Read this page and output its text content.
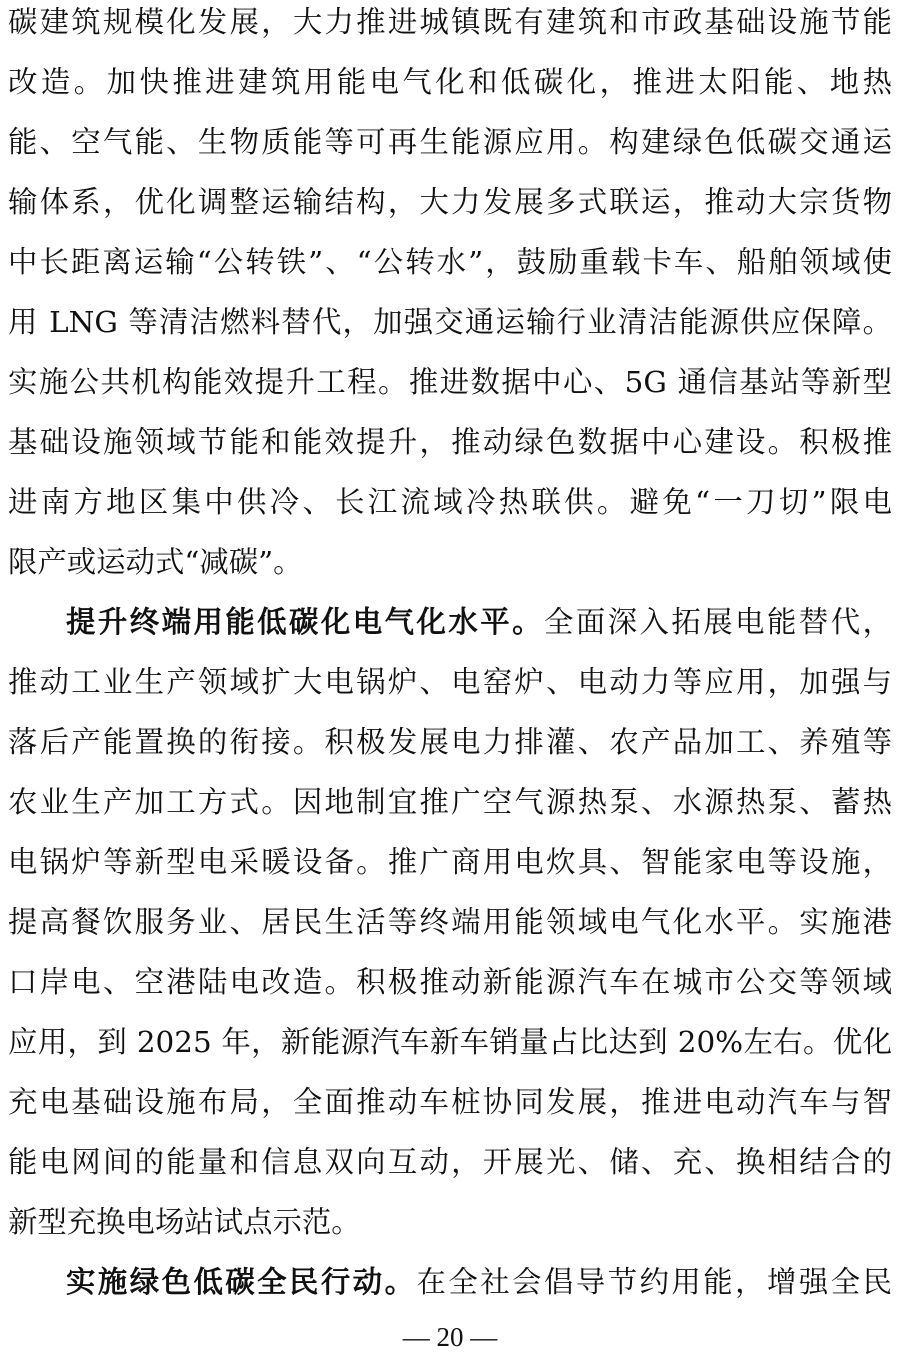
碳建筑规模化发展，大力推进城镇既有建筑和市政基础设施节能
改造。加快推进建筑用能电气化和低碳化，推进太阳能、地热
能、空气能、生物质能等可再生能源应用。构建绿色低碳交通运
输体系，优化调整运输结构，大力发展多式联运，推动大宗货物
中长距离运输“公转铁”、“公转水”，鼓励重载卡车、船舶领域使
用 LNG 等清洁燃料替代，加强交通运输行业清洁能源供应保障。
实施公共机构能效提升工程。推进数据中心、5G 通信基站等新型
基础设施领域节能和能效提升，推动绿色数据中心建设。积极推
进南方地区集中供冷、长江流域冷热联供。避免“一刀切”限电
限产或运动式“减碳”。
提升终端用能低碳化电气化水平。全面深入拓展电能替代，
推动工业生产领域扩大电锅炉、电窑炉、电动力等应用，加强与
落后产能置换的衔接。积极发展电力排灌、农产品加工、养殖等
农业生产加工方式。因地制宜推广空气源热泵、水源热泵、蓄热
电锅炉等新型电采暖设备。推广商用电炊具、智能家电等设施，
提高餐饮服务业、居民生活等终端用能领域电气化水平。实施港
口岸电、空港陆电改造。积极推动新能源汽车在城市公交等领域
应用，到 2025 年，新能源汽车新车销量占比达到 20%左右。优化
充电基础设施布局，全面推动车桩协同发展，推进电动汽车与智
能电网间的能量和信息双向互动，开展光、储、充、换相结合的
新型充换电场站试点示范。
实施绿色低碳全民行动。在全社会倡导节约用能，增强全民
— 20 —
